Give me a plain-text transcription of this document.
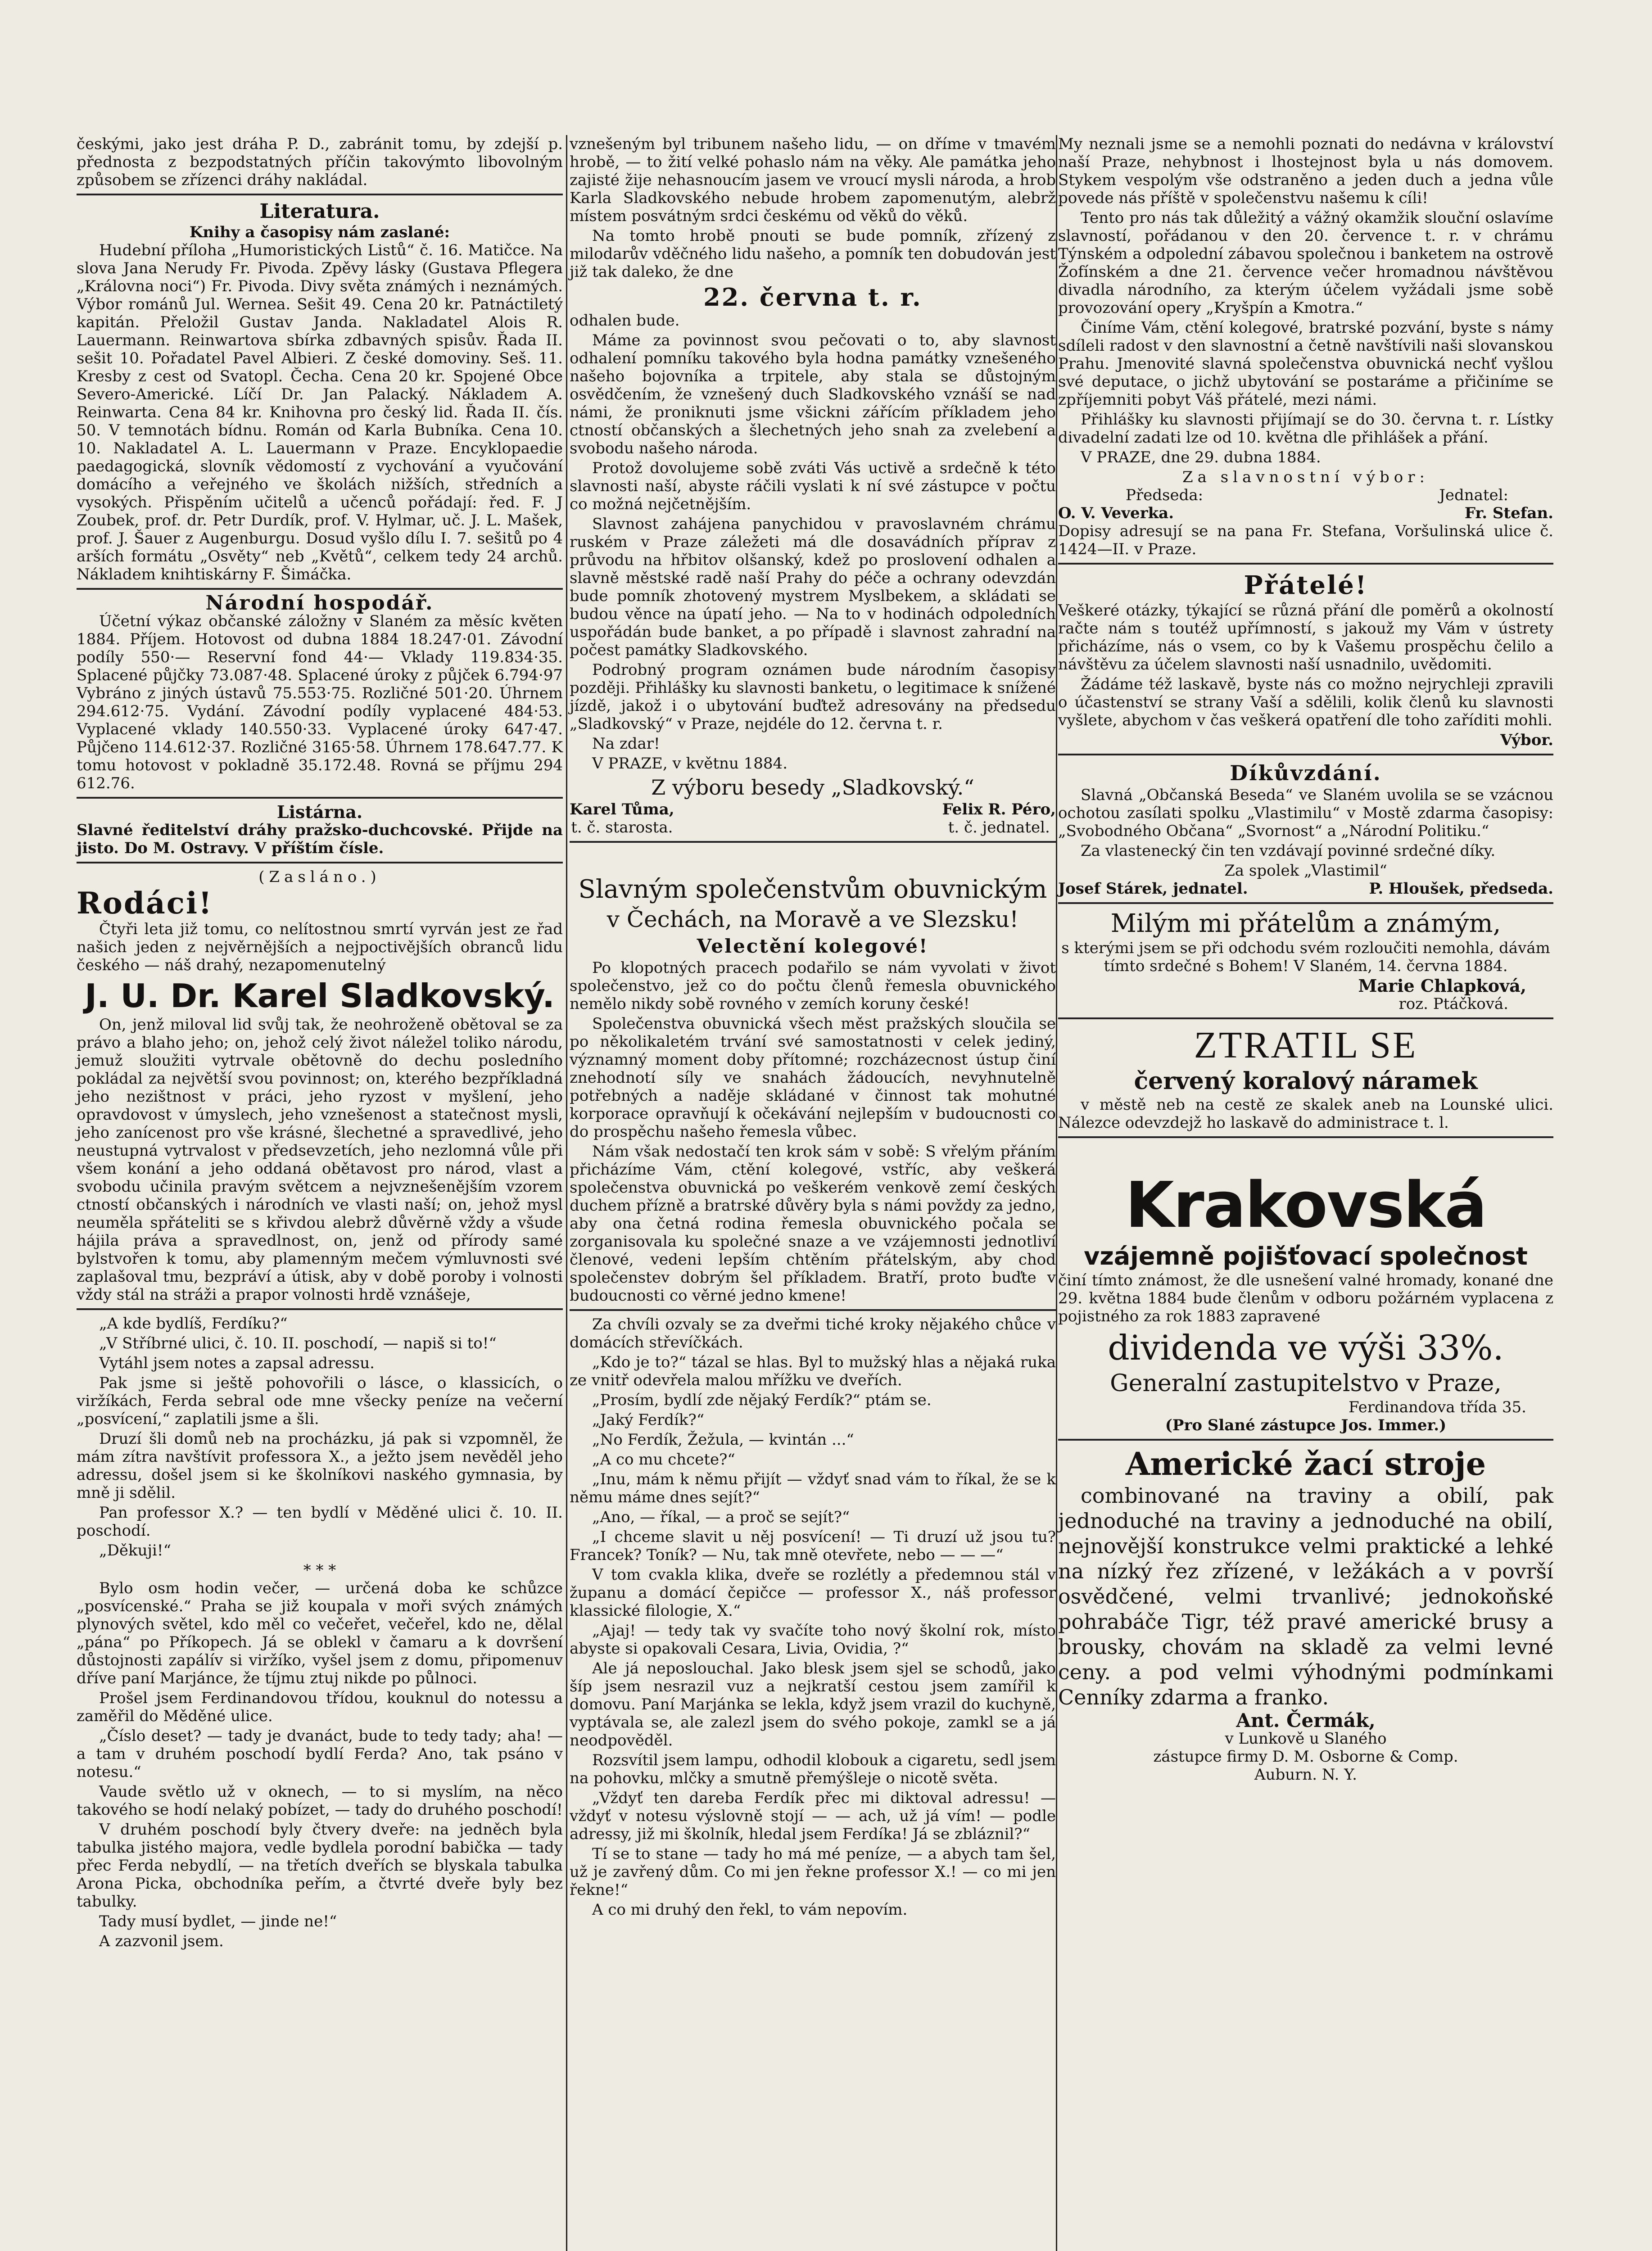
českými, jako jest dráha P. D., zabránit tomu, by zdejší p. přednosta z bezpodstatných příčin takovýmto libovolným způsobem se zřízenci dráhy nakládal.

Literatura.
Knihy a časopisy nám zaslané:

Hudební příloha „Humoristických Listů“ č. 16. Matičce. Na slova Jana Nerudy Fr. Pivoda. Zpěvy lásky (Gustava Pflegera „Královna noci“) Fr. Pivoda. Divy světa známých i neznámých. Výbor románů Jul. Wernea. Sešit 49. Cena 20 kr. Patnáctiletý kapitán. Přeložil Gustav Janda. Nakladatel Alois R. Lauermann. Reinwartova sbírka zdbavných spisův. Řada II. sešit 10. Pořadatel Pavel Albieri. Z české domoviny. Seš. 11. Kresby z cest od Svatopl. Čecha. Cena 20 kr. Spojené Obce Severo-Americké. Líčí Dr. Jan Palacký. Nákladem A. Reinwarta. Cena 84 kr. Knihovna pro český lid. Řada II. čís. 50. V temnotách bídnu. Román od Karla Bubníka. Cena 10. 10. Nakladatel A. L. Lauermann v Praze. Encyklopaedie paedagogická, slovník vědomostí z vychování a vyučování domácího a veřejného ve školách nižších, středních a vysokých. Přispěním učitelů a učenců pořádají: řed. F. J Zoubek, prof. dr. Petr Durdík, prof. V. Hylmar, uč. J. L. Mašek, prof. J. Šauer z Augenburgu. Dosud vyšlo dílu I. 7. sešitů po 4 arších formátu „Osvěty“ neb „Květů“, celkem tedy 24 archů. Nákladem knihtiskárny F. Šimáčka.

Národní hospodář.

Účetní výkaz občanské záložny v Slaném za měsíc květen 1884. Příjem. Hotovost od dubna 1884 18.247·01. Závodní podíly 550·— Reservní fond 44·— Vklady 119.834·35. Splacené půjčky 73.087·48. Splacené úroky z půjček 6.794·97 Vybráno z jiných ústavů 75.553·75. Rozličné 501·20. Úhrnem 294.612·75. Vydání. Závodní podíly vyplacené 484·53. Vyplacené vklady 140.550·33. Vyplacené úroky 647·47. Půjčeno 114.612·37. Rozličné 3165·58. Úhrnem 178.647.77. K tomu hotovost v pokladně 35.172.48. Rovná se příjmu 294 612.76.

Listárna.

Slavné ředitelství dráhy pražsko-duchcovské. Přijde na jisto. Do M. Ostravy. V příštím čísle.

(Zasláno.)
Rodáci!

Čtyři leta již tomu, co nelítostnou smrtí vyrván jest ze řad našich jeden z nejvěrnějších a nejpoctivějších obranců lidu českého — náš drahý, nezapomenutelný

J. U. Dr. Karel Sladkovský.

On, jenž miloval lid svůj tak, že neohroženě obětoval se za právo a blaho jeho; on, jehož celý život náležel toliko národu, jemuž sloužiti vytrvale obětovně do dechu posledního pokládal za největší svou povinnost; on, kterého bezpříkladná jeho nezištnost v práci, jeho ryzost v myšlení, jeho opravdovost v úmyslech, jeho vznešenost a statečnost mysli, jeho zanícenost pro vše krásné, šlechetné a spravedlivé, jeho neustupná vytrvalost v předsevzetích, jeho nezlomná vůle při všem konání a jeho oddaná obětavost pro národ, vlast a svobodu učinila pravým světcem a nejvznešenějším vzorem ctností občanských i národních ve vlasti naší; on, jehož mysl neuměla spřáteliti se s křivdou alebrž důvěrně vždy a všude hájila práva a spravedlnost, on, jenž od přírody samé bylstvořen k tomu, aby plamenným mečem výmluvnosti své zaplašoval tmu, bezpráví a útisk, aby v době poroby i volnosti vždy stál na stráži a prapor volnosti hrdě vznášeje,

„A kde bydlíš, Ferdíku?“

„V Stříbrné ulici, č. 10. II. poschodí, — napiš si to!“

Vytáhl jsem notes a zapsal adressu.

Pak jsme si ještě pohovořili o lásce, o klassicích, o viržíkách, Ferda sebral ode mne všecky peníze na večerní „posvícení,“ zaplatili jsme a šli.

Druzí šli domů neb na procházku, já pak si vzpomněl, že mám zítra navštívit professora X., a ježto jsem nevěděl jeho adressu, došel jsem si ke školníkovi naského gymnasia, by mně ji sdělil.

Pan professor X.? — ten bydlí v Měděné ulici č. 10. II. poschodí.

„Děkuji!“

* * *

Bylo osm hodin večer, — určená doba ke schůzce „posvícenské.“ Praha se již koupala v moři svých známých plynových světel, kdo měl co večeřet, večeřel, kdo ne, dělal „pána“ po Příkopech. Já se oblekl v čamaru a k dovršení důstojnosti zapálív si viržíko, vyšel jsem z domu, připomenuv dříve paní Marjánce, že tíjmu ztuj nikde po půlnoci.

Prošel jsem Ferdinandovou třídou, kouknul do notessu a zaměřil do Měděné ulice.

„Číslo deset? — tady je dvanáct, bude to tedy tady; aha! — a tam v druhém poschodí bydlí Ferda? Ano, tak psáno v notesu.“

Vaude světlo už v oknech, — to si myslím, na něco takového se hodí nelaký pobízet, — tady do druhého poschodí!

V druhém poschodí byly čtvery dveře: na jedněch byla tabulka jistého majora, vedle bydlela porodní babička — tady přec Ferda nebydlí, — na třetích dveřích se blyskala tabulka Arona Picka, obchodníka peřím, a čtvrté dveře byly bez tabulky.

Tady musí bydlet, — jinde ne!“

A zazvonil jsem.

vznešeným byl tribunem našeho lidu, — on dříme v tmavém hrobě, — to žití velké pohaslo nám na věky. Ale památka jeho zajisté žije nehasnoucím jasem ve vroucí mysli národa, a hrob Karla Sladkovského nebude hrobem zapomenutým, alebrž místem posvátným srdci českému od věků do věků.

Na tomto hrobě pnouti se bude pomník, zřízený z milodarův vděčného lidu našeho, a pomník ten dobudován jest již tak daleko, že dne

22. června t. r.

odhalen bude.

Máme za povinnost svou pečovati o to, aby slavnost odhalení pomníku takového byla hodna památky vznešeného našeho bojovníka a trpitele, aby stala se důstojným osvědčením, že vznešený duch Sladkovského vznáší se nad námi, že proniknuti jsme všickni zářícím příkladem jeho ctností občanských a šlechetných jeho snah za zvelebení a svobodu našeho národa.

Protož dovolujeme sobě zváti Vás uctivě a srdečně k této slavnosti naší, abyste ráčili vyslati k ní své zástupce v počtu co možná nejčetnějším.

Slavnost zahájena panychidou v pravoslavném chrámu ruském v Praze záležeti má dle dosavádních příprav z průvodu na hřbitov olšanský, kdež po proslovení odhalen a slavně městské radě naší Prahy do péče a ochrany odevzdán bude pomník zhotovený mystrem Myslbekem, a skládati se budou věnce na úpatí jeho. — Na to v hodinách odpoledních uspořádán bude banket, a po případě i slavnost zahradní na počest památky Sladkovského.

Podrobný program oznámen bude národním časopisy později. Přihlášky ku slavnosti banketu, o legitimace k snížené jízdě, jakož i o ubytování buďtež adresovány na předsedu „Sladkovský“ v Praze, nejdéle do 12. června t. r.

Na zdar!

V PRAZE, v květnu 1884.

Z výboru besedy „Sladkovský.“
Karel Tůma,
t. č. starosta.
Felix R. Péro,
t. č. jednatel.
Slavným společenstvům obuvnickým
v Čechách, na Moravě a ve Slezsku!
Velectění kolegové!

Po klopotných pracech podařilo se nám vyvolati v život společenstvo, jež co do počtu členů řemesla obuvnického nemělo nikdy sobě rovného v zemích koruny české!

Společenstva obuvnická všech měst pražských sloučila se po několikaletém trvání své samostatnosti v celek jediný, významný moment doby přítomné; rozcházecnost ústup činí znehodnotí síly ve snahách žádoucích, nevyhnutelně potřebných a naděje skládané v činnost tak mohutné korporace opravňují k očekávání nejlepším v budoucnosti co do prospěchu našeho řemesla vůbec.

Nám však nedostačí ten krok sám v sobě: S vřelým přáním přicházíme Vám, ctění kolegové, vstříc, aby veškerá společenstva obuvnická po veškerém venkově zemí českých duchem přízně a bratrské důvěry byla s námi povždy za jedno, aby ona četná rodina řemesla obuvnického počala se zorganisovala ku společné snaze a ve vzájemnosti jednotliví členové, vedeni lepším chtěním přátelským, aby chod společenstev dobrým šel příkladem. Bratří, proto buďte v budoucnosti co věrné jedno kmene!

Za chvíli ozvaly se za dveřmi tiché kroky nějakého chůce v domácích střevíčkách.

„Kdo je to?“ tázal se hlas. Byl to mužský hlas a nějaká ruka ze vnitř odevřela malou mřížku ve dveřích.

„Prosím, bydlí zde nějaký Ferdík?“ ptám se.

„Jaký Ferdík?“

„No Ferdík, Žežula, — kvintán ...“

„A co mu chcete?“

„Inu, mám k němu přijít — vždyť snad vám to říkal, že se k němu máme dnes sejít?“

„Ano, — říkal, — a proč se sejít?“

„I chceme slavit u něj posvícení! — Ti druzí už jsou tu? Francek? Toník? — Nu, tak mně otevřete, nebo — — —“

V tom cvakla klika, dveře se rozlétly a předemnou stál v županu a domácí čepičce — professor X., náš professor klassické filologie, X.“

„Ajaj! — tedy tak vy svačíte toho nový školní rok, místo abyste si opakovali Cesara, Livia, Ovidia, ?“

Ale já neposlouchal. Jako blesk jsem sjel se schodů, jako šíp jsem nesrazil vuz a nejkratší cestou jsem zamířil k domovu. Paní Marjánka se lekla, když jsem vrazil do kuchyně, vyptávala se, ale zalezl jsem do svého pokoje, zamkl se a já neodpověděl.

Rozsvítil jsem lampu, odhodil klobouk a cigaretu, sedl jsem na pohovku, mlčky a smutně přemýšleje o nicotě světa.

„Vždyť ten dareba Ferdík přec mi diktoval adressu! — vždyť v notesu výslovně stojí — — ach, už já vím! — podle adressy, již mi školník, hledal jsem Ferdíka! Já se zbláznil?“

Tí se to stane — tady ho má mé peníze, — a abych tam šel, už je zavřený dům. Co mi jen řekne professor X.! — co mi jen řekne!“

A co mi druhý den řekl, to vám nepovím.

My neznali jsme se a nemohli poznati do nedávna v království naší Praze, nehybnost i lhostejnost byla u nás domovem. Stykem vespolým vše odstraněno a jeden duch a jedna vůle povede nás příště v společenstvu našemu k cíli!

Tento pro nás tak důležitý a vážný okamžik slouční oslavíme slavností, pořádanou v den 20. července t. r. v chrámu Týnském a odpolední zábavou společnou i banketem na ostrově Žofínském a dne 21. července večer hromadnou návštěvou divadla národního, za kterým účelem vyžádali jsme sobě provozování opery „Kryšpín a Kmotra.“

Činíme Vám, ctění kolegové, bratrské pozvání, byste s námy sdíleli radost v den slavnostní a četně navštívili naši slovanskou Prahu. Jmenovité slavná společenstva obuvnická nechť vyšlou své deputace, o jichž ubytování se postaráme a přičiníme se zpříjemniti pobyt Váš přátelé, mezi námi.

Přihlášky ku slavnosti přijímají se do 30. června t. r. Lístky divadelní zadati lze od 10. května dle přihlášek a přání.

V PRAZE, dne 29. dubna 1884.

Za slavnostní výbor:
Předseda:	Jednatel:
O. V. Veverka.	Fr. Stefan.

Dopisy adresují se na pana Fr. Stefana, Voršulinská ulice č. 1424—II. v Praze.

Přátelé!

Veškeré otázky, týkající se různá přání dle poměrů a okolností račte nám s toutéž upřímností, s jakouž my Vám v ústrety přicházíme, nás o vsem, co by k Vašemu prospěchu čelilo a návštěvu za účelem slavnosti naší usnadnilo, uvědomiti.

Žádáme též laskavě, byste nás co možno nejrychleji zpravili o účastenství se strany Vaší a sdělili, kolik členů ku slavnosti vyšlete, abychom v čas veškerá opatření dle toho zaříditi mohli.

Výbor.
Díkůvzdání.

Slavná „Občanská Beseda“ ve Slaném uvolila se se vzácnou ochotou zasílati spolku „Vlastimilu“ v Mostě zdarma časopisy: „Svobodného Občana“ „Svornost“ a „Národní Politiku.“

Za vlastenecký čin ten vzdávají povinné srdečné díky.

Za spolek „Vlastimil“
Josef Stárek, jednatel.	P. Hloušek, předseda.
Milým mi přátelům a známým,

s kterými jsem se při odchodu svém rozloučiti nemohla, dávám tímto srdečné s Bohem! V Slaném, 14. června 1884.

Marie Chlapková,
roz. Ptáčková.
ZTRATIL SE
červený koralový náramek

v městě neb na cestě ze skalek aneb na Lounské ulici. Nálezce odevzdejž ho laskavě do administrace t. l.

Krakovská
vzájemně pojišťovací společnost

činí tímto známost, že dle usnešení valné hromady, konané dne 29. května 1884 bude členům v odboru požárném vyplacena z pojistného za rok 1883 zapravené

dividenda ve výši 33%.
Generalní zastupitelstvo v Praze,
Ferdinandova třída 35.
(Pro Slané zástupce Jos. Immer.)
Americké žací stroje

combinované na traviny a obilí, pak jednoduché na traviny a jednoduché na obilí, nejnovější konstrukce velmi praktické a lehké na nízký řez zřízené, v ležákách a v površí osvědčené, velmi trvanlivé; jednokoňské pohrabáče Tigr, též pravé americké brusy a brousky, chovám na skladě za velmi levné ceny. a pod velmi výhodnými podmínkami Cenníky zdarma a franko.

Ant. Čermák,
v Lunkově u Slaného
zástupce firmy D. M. Osborne & Comp.
Auburn. N. Y.
